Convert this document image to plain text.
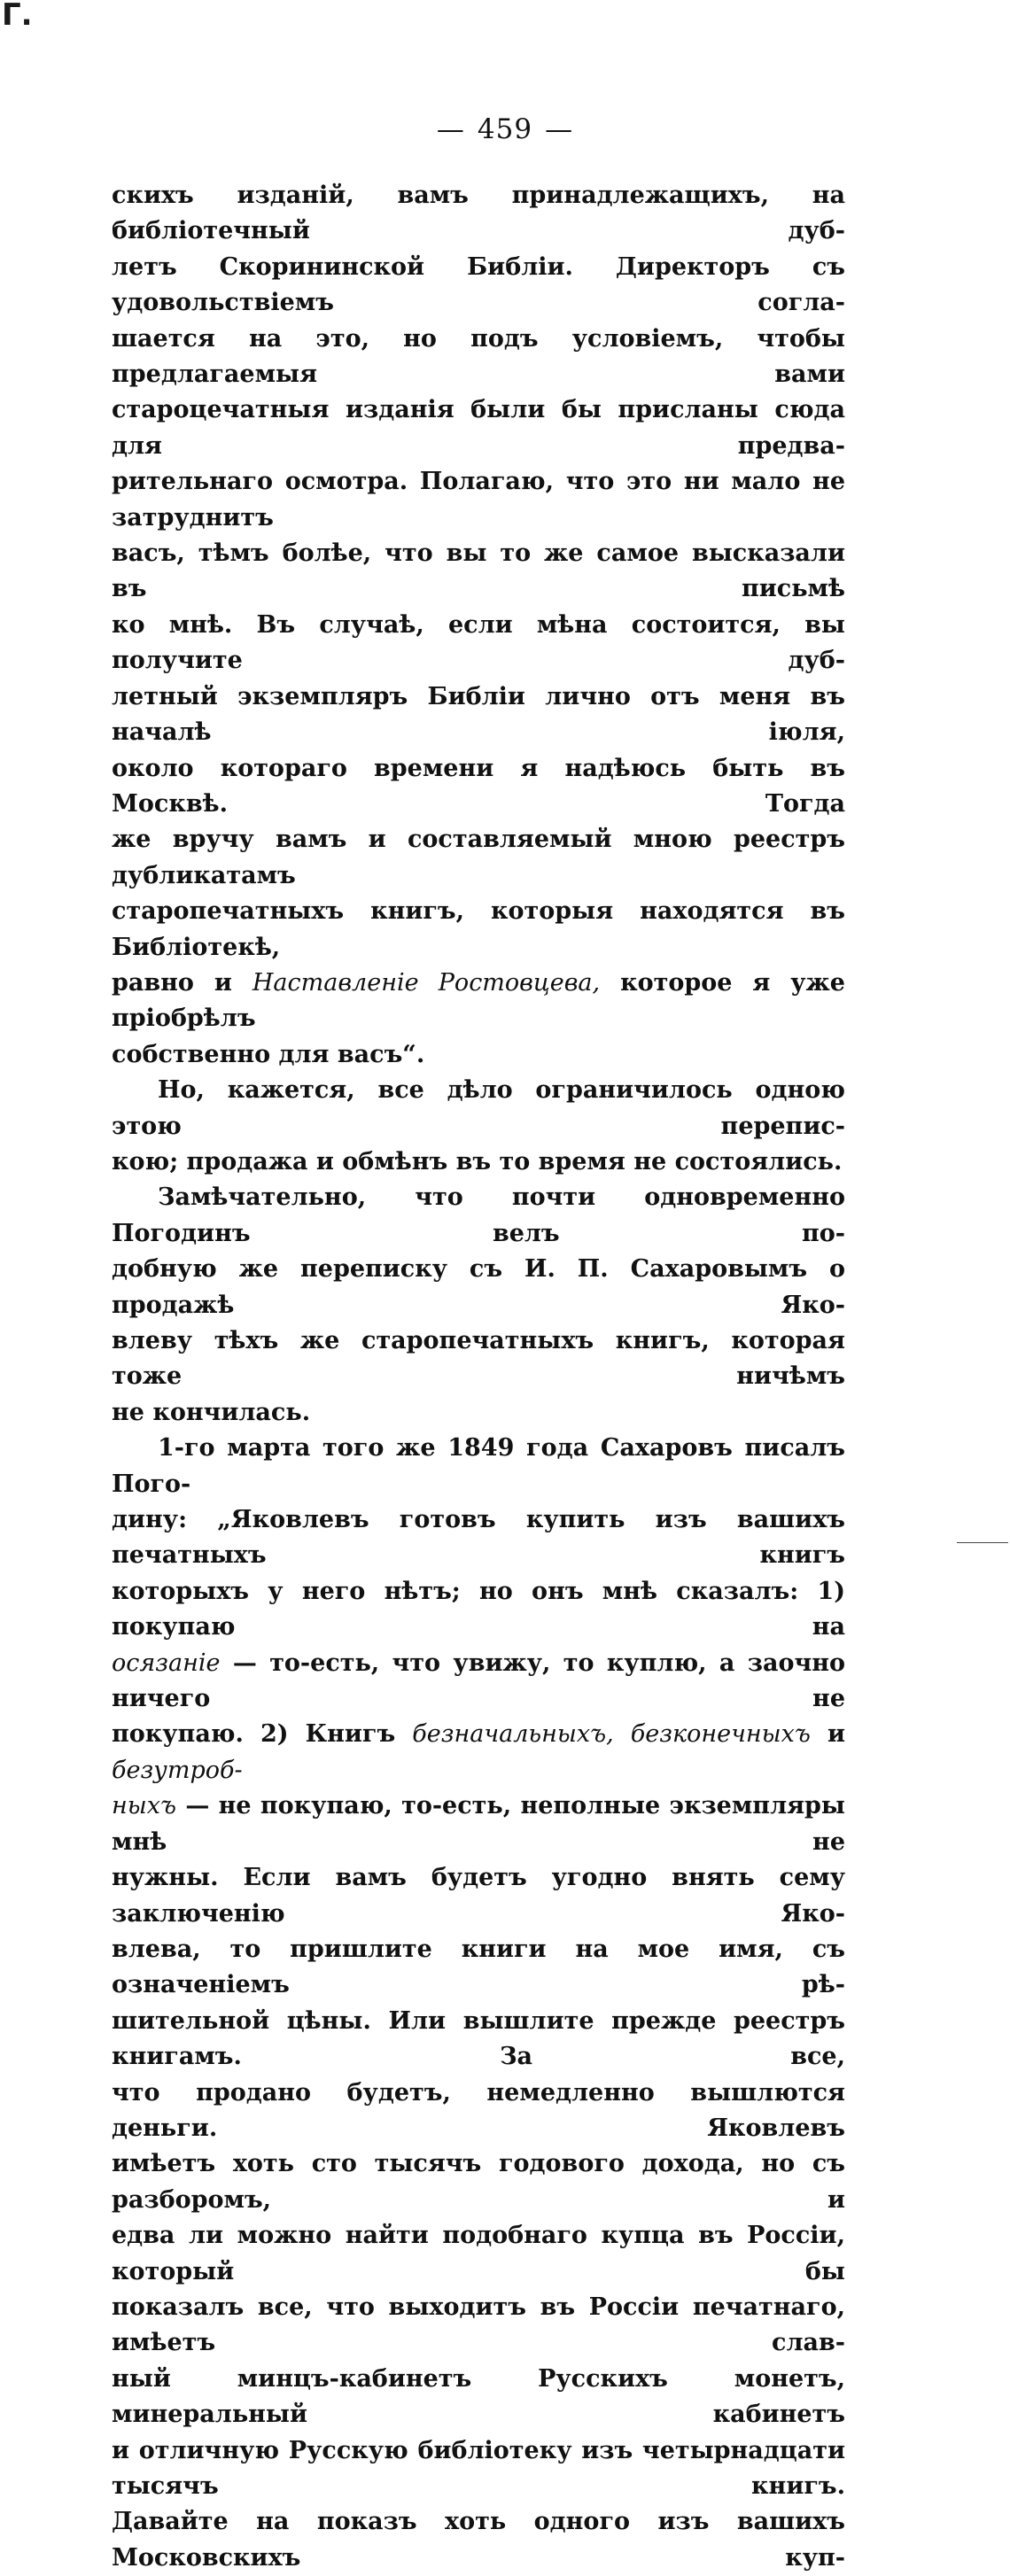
Г.
— 459 —

скихъ изданій, вамъ принадлежащихъ, на библіотечный дуб-

летъ Скорининской Библіи. Директоръ съ удовольствіемъ согла-

шается на это, но подъ условіемъ, чтобы предлагаемыя вами

староцечатныя изданія были бы присланы сюда для предва-

рительнаго осмотра. Полагаю, что это ни мало не затруднитъ

васъ, тѣмъ болѣе, что вы то же самое высказали въ письмѣ

ко мнѣ. Въ случаѣ, если мѣна состоится, вы получите дуб-

летный экземпляръ Библіи лично отъ меня въ началѣ іюля,

около котораго времени я надѣюсь быть въ Москвѣ. Тогда

же вручу вамъ и составляемый мною реестръ дубликатамъ

старопечатныхъ книгъ, которыя находятся въ Библіотекѣ,

равно и Наставленіе Ростовцева, которое я уже пріобрѣлъ

собственно для васъ“.

Но, кажется, все дѣло ограничилось одною этою перепис-

кою; продажа и обмѣнъ въ то время не состоялись.

Замѣчательно, что почти одновременно Погодинъ велъ по-

добную же переписку съ И. П. Сахаровымъ о продажѣ Яко-

влеву тѣхъ же старопечатныхъ книгъ, которая тоже ничѣмъ

не кончилась.

1-го марта того же 1849 года Сахаровъ писалъ Пого-

дину: „Яковлевъ готовъ купить изъ вашихъ печатныхъ книгъ

которыхъ у него нѣтъ; но онъ мнѣ сказалъ: 1) покупаю на

осязаніе — то-есть, что увижу, то куплю, а заочно ничего не

покупаю. 2) Книгъ безначальныхъ, безконечныхъ и безутроб-

ныхъ — не покупаю, то-есть, неполные экземпляры мнѣ не

нужны. Если вамъ будетъ угодно внять сему заключенію Яко-

влева, то пришлите книги на мое имя, съ означеніемъ рѣ-

шительной цѣны. Или вышлите прежде реестръ книгамъ. За все,

что продано будетъ, немедленно вышлются деньги. Яковлевъ

имѣетъ хоть сто тысячъ годового дохода, но съ разборомъ, и

едва ли можно найти подобнаго купца въ Россіи, который бы

показалъ все, что выходитъ въ Россіи печатнаго, имѣетъ слав-

ный минцъ-кабинетъ Русскихъ монетъ, минеральный кабинетъ

и отличную Русскую библіотеку изъ четырнадцати тысячъ книгъ.

Давайте на показъ хоть одного изъ вашихъ Московскихъ куп-
